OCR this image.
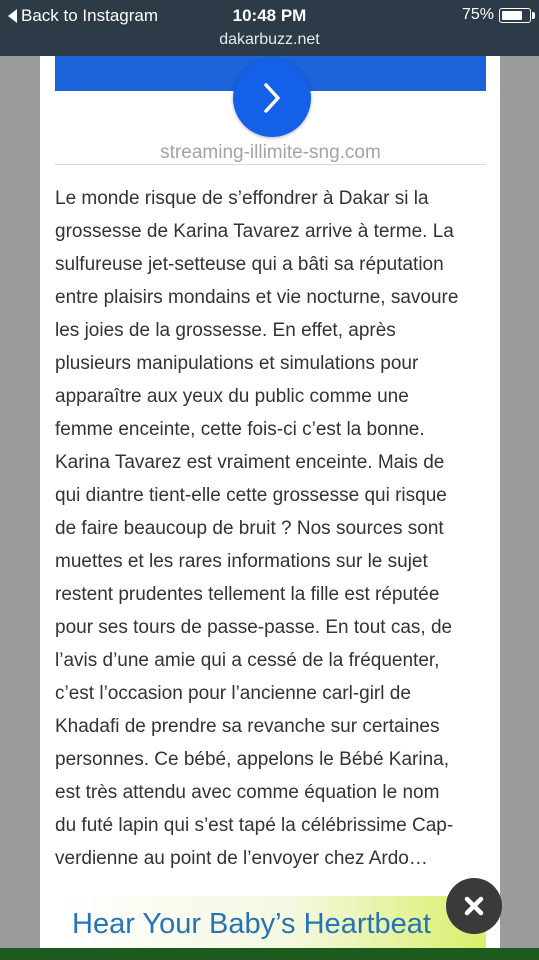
Back to Instagram	10:48 PM	75%
dakarbuzz.net
streaming-illimite-sng.com
Le monde risque de s’effondrer à Dakar si la
grossesse de Karina Tavarez arrive à terme. La
sulfureuse jet-setteuse qui a bâti sa réputation
entre plaisirs mondains et vie nocturne, savoure
les joies de la grossesse. En effet, après
plusieurs manipulations et simulations pour
apparaître aux yeux du public comme une
femme enceinte, cette fois-ci c’est la bonne.
Karina Tavarez est vraiment enceinte. Mais de
qui diantre tient-elle cette grossesse qui risque
de faire beaucoup de bruit ? Nos sources sont
muettes et les rares informations sur le sujet
restent prudentes tellement la fille est réputée
pour ses tours de passe-passe. En tout cas, de
l’avis d’une amie qui a cessé de la fréquenter,
c’est l’occasion pour l’ancienne carl-girl de
Khadafi de prendre sa revanche sur certaines
personnes. Ce bébé, appelons le Bébé Karina,
est très attendu avec comme équation le nom
du futé lapin qui s’est tapé la célébrissime Cap-
verdienne au point de l’envoyer chez Ardo…
Hear Your Baby’s Heartbeat
